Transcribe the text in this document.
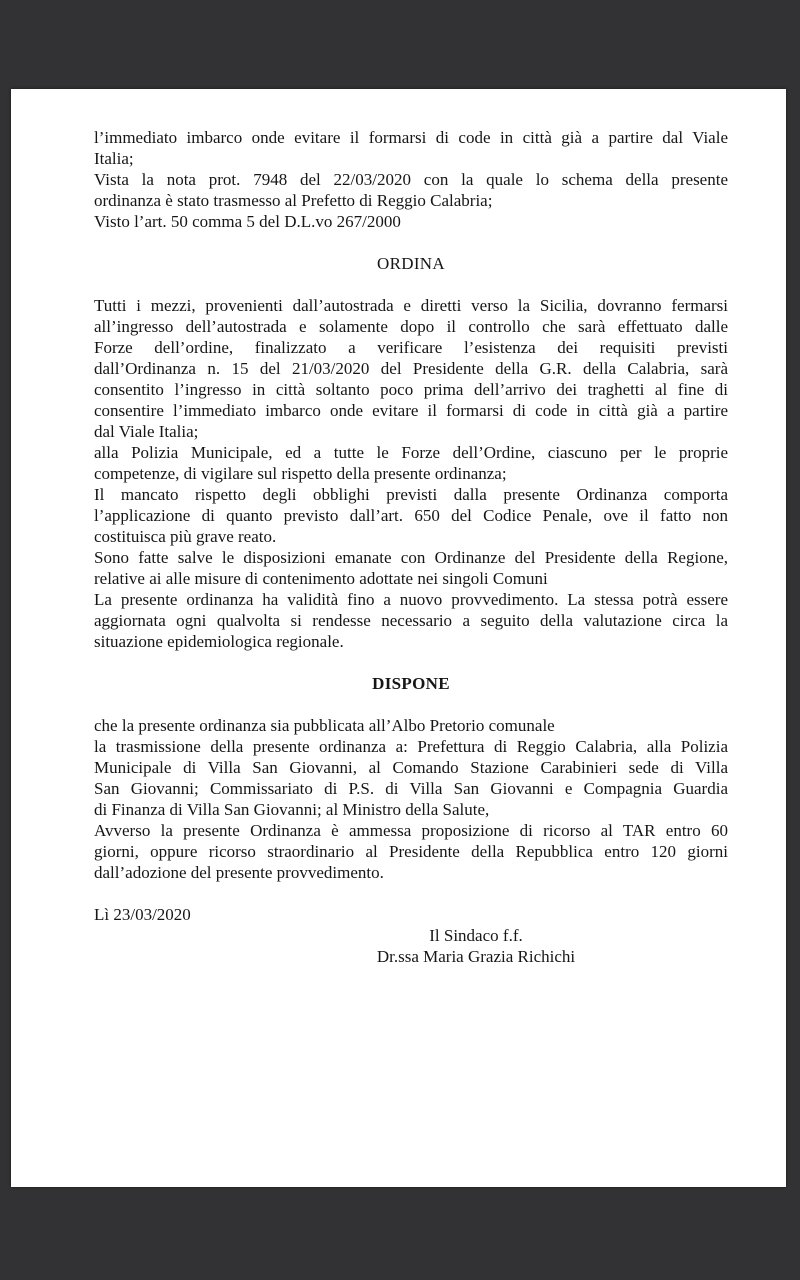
l’immediato imbarco onde evitare il formarsi di code in città già a partire dal Viale
Italia;
Vista la nota prot. 7948 del 22/03/2020 con la quale lo schema della presente
ordinanza è stato trasmesso al Prefetto di Reggio Calabria;
Visto l’art. 50 comma 5 del D.L.vo 267/2000
ORDINA
Tutti i mezzi, provenienti dall’autostrada e diretti verso la Sicilia, dovranno fermarsi
all’ingresso dell’autostrada e solamente dopo il controllo che sarà effettuato dalle
Forze dell’ordine, finalizzato a verificare l’esistenza dei requisiti previsti
dall’Ordinanza n. 15 del 21/03/2020 del Presidente della G.R. della Calabria, sarà
consentito l’ingresso in città soltanto poco prima dell’arrivo dei traghetti al fine di
consentire l’immediato imbarco onde evitare il formarsi di code in città già a partire
dal Viale Italia;
alla Polizia Municipale, ed a tutte le Forze dell’Ordine, ciascuno per le proprie
competenze, di vigilare sul rispetto della presente ordinanza;
Il mancato rispetto degli obblighi previsti dalla presente Ordinanza comporta
l’applicazione di quanto previsto dall’art. 650 del Codice Penale, ove il fatto non
costituisca più grave reato.
Sono fatte salve le disposizioni emanate con Ordinanze del Presidente della Regione,
relative ai alle misure di contenimento adottate nei singoli Comuni
La presente ordinanza ha validità fino a nuovo provvedimento. La stessa potrà essere
aggiornata ogni qualvolta si rendesse necessario a seguito della valutazione circa la
situazione epidemiologica regionale.
DISPONE
che la presente ordinanza sia pubblicata all’Albo Pretorio comunale
la trasmissione della presente ordinanza a: Prefettura di Reggio Calabria, alla Polizia
Municipale di Villa San Giovanni, al Comando Stazione Carabinieri sede di Villa
San Giovanni; Commissariato di P.S. di Villa San Giovanni e Compagnia Guardia
di Finanza di Villa San Giovanni; al Ministro della Salute,
Avverso la presente Ordinanza è ammessa proposizione di ricorso al TAR entro 60
giorni, oppure ricorso straordinario al Presidente della Repubblica entro 120 giorni
dall’adozione del presente provvedimento.
Lì 23/03/2020
Il Sindaco f.f.
Dr.ssa Maria Grazia Richichi
